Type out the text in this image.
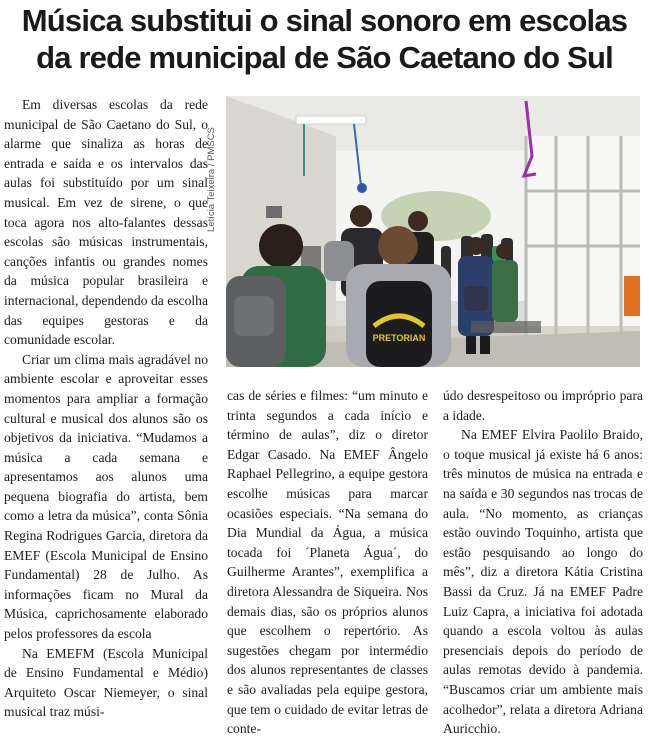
Música substitui o sinal sonoro em escolas
da rede municipal de São Caetano do Sul

Em diversas escolas da rede municipal de São Caetano do Sul, o alarme que sinaliza as horas de entrada e saída e os intervalos das aulas foi substituído por um sinal musical. Em vez de sirene, o que toca agora nos alto-falantes dessas escolas são músicas instrumentais, canções infantis ou grandes nomes da música popular brasileira e internacional, dependendo da escolha das equipes gestoras e da comunidade escolar.

Criar um clima mais agradável no ambiente escolar e aproveitar esses momentos para ampliar a formação cultural e musical dos alunos são os objetivos da iniciativa. “Mudamos a música a cada semana e apresentamos aos alunos uma pequena biografia do artista, bem como a letra da música”, conta Sônia Regina Rodrigues Garcia, diretora da EMEF (Escola Municipal de Ensino Fundamental) 28 de Julho. As informações ficam no Mural da Música, caprichosamente elaborado pelos professores da escola

Na EMEFM (Escola Municipal de Ensino Fundamental e Médio) Arquiteto Oscar Niemeyer, o sinal musical traz músi-

Letícia Teixeira / PMSCS
PRETORIAN

cas de séries e filmes: “um minuto e trinta segundos a cada início e término de aulas”, diz o diretor Edgar Casado. Na EMEF Ângelo Raphael Pellegrino, a equipe gestora escolhe músicas para marcar ocasiões especiais. “Na semana do Dia Mundial da Água, a música tocada foi ´Planeta Água´, do Guilherme Arantes”, exemplifica a diretora Alessandra de Siqueira. Nos demais dias, são os próprios alunos que escolhem o repertório. As sugestões chegam por intermédio dos alunos representantes de classes e são avaliadas pela equipe gestora, que tem o cuidado de evitar letras de conte-

údo desrespeitoso ou impróprio para a idade.

Na EMEF Elvira Paolilo Braido, o toque musical já existe há 6 anos: três minutos de música na entrada e na saída e 30 segundos nas trocas de aula. “No momento, as crianças estão ouvindo Toquinho, artista que estão pesquisando ao longo do mês”, diz a diretora Kátia Cristina Bassi da Cruz. Já na EMEF Padre Luiz Capra, a iniciativa foi adotada quando a escola voltou às aulas presenciais depois do período de aulas remotas devido à pandemia. “Buscamos criar um ambiente mais acolhedor”, relata a diretora Adriana Auricchio.
